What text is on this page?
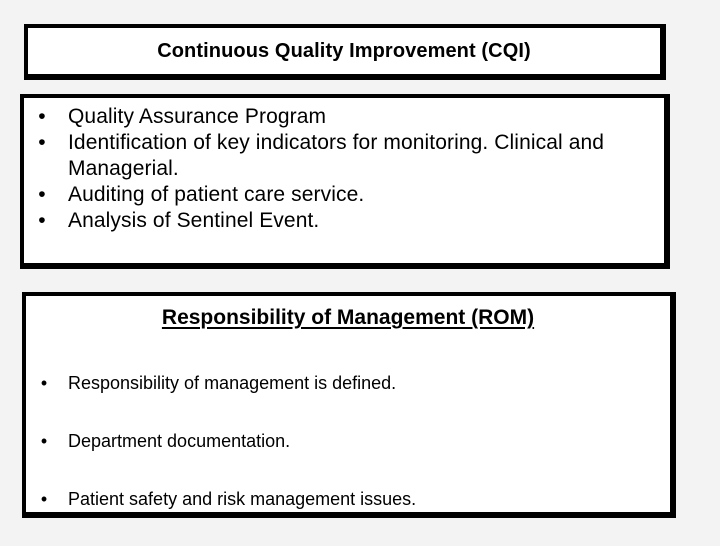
Continuous Quality Improvement (CQI)
• Quality Assurance Program
• Identification of key indicators for monitoring. Clinical and Managerial.
• Auditing of patient care service.
• Analysis of Sentinel Event.
Responsibility of Management (ROM)
•	Responsibility of management is defined.
•	Department documentation.
•	Patient safety and risk management issues.
